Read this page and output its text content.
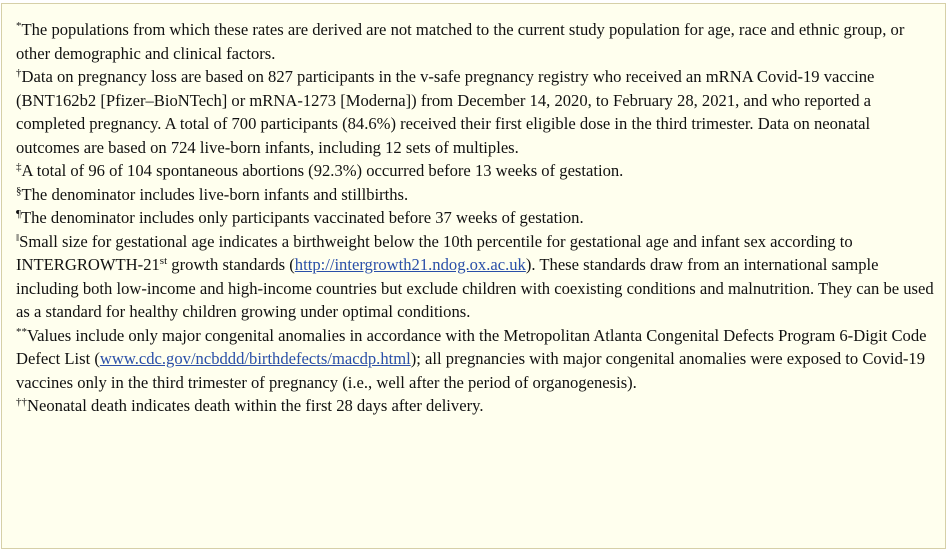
*The populations from which these rates are derived are not matched to the current study population for age, race and ethnic group, or other demographic and clinical factors.

†Data on pregnancy loss are based on 827 participants in the v-safe pregnancy registry who received an mRNA Covid-19 vaccine (BNT162b2 [Pfizer–BioNTech] or mRNA-1273 [Moderna]) from December 14, 2020, to February 28, 2021, and who reported a completed pregnancy. A total of 700 participants (84.6%) received their first eligible dose in the third trimester. Data on neonatal outcomes are based on 724 live-born infants, including 12 sets of multiples.

‡A total of 96 of 104 spontaneous abortions (92.3%) occurred before 13 weeks of gestation.

§The denominator includes live-born infants and stillbirths.

¶The denominator includes only participants vaccinated before 37 weeks of gestation.

‖Small size for gestational age indicates a birthweight below the 10th percentile for gestational age and infant sex according to INTERGROWTH-21st growth standards (http://intergrowth21.ndog.ox.ac.uk). These standards draw from an international sample including both low-income and high-income countries but exclude children with coexisting conditions and malnutrition. They can be used as a standard for healthy children growing under optimal conditions.

**Values include only major congenital anomalies in accordance with the Metropolitan Atlanta Congenital Defects Program 6-Digit Code Defect List (www.cdc.gov/ncbddd/birthdefects/macdp.html); all pregnancies with major congenital anomalies were exposed to Covid-19 vaccines only in the third trimester of pregnancy (i.e., well after the period of organogenesis).

††Neonatal death indicates death within the first 28 days after delivery.
